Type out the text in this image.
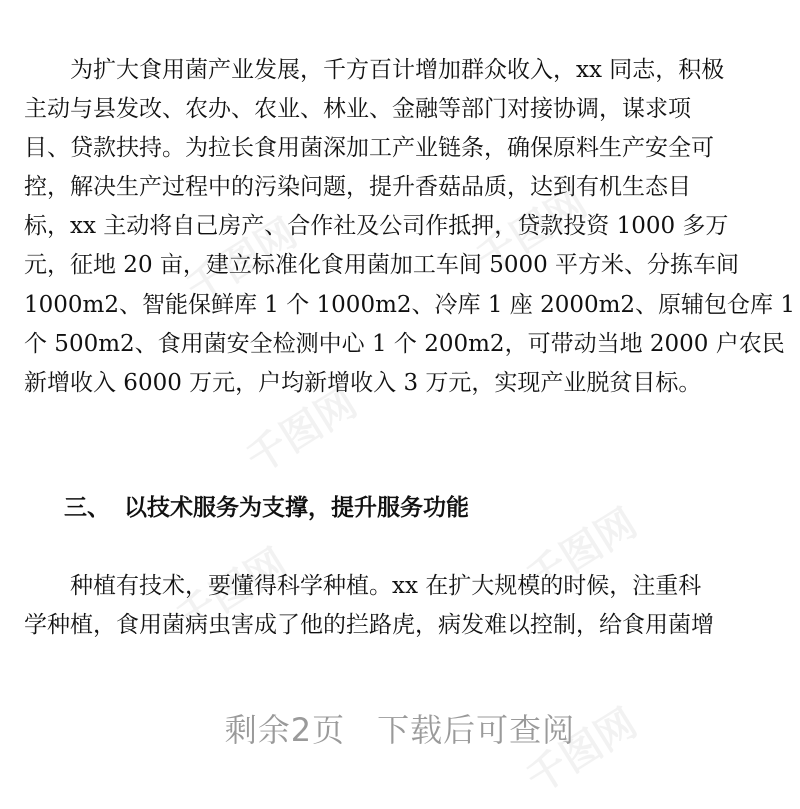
千图网	千图网
千图网
千图网
千图网
千图网

　　为扩大食用菌产业发展，千方百计增加群众收入，xx 同志，积极
主动与县发改、农办、农业、林业、金融等部门对接协调，谋求项
目、贷款扶持。为拉长食用菌深加工产业链条，确保原料生产安全可
控，解决生产过程中的污染问题，提升香菇品质，达到有机生态目
标，xx 主动将自己房产、合作社及公司作抵押，贷款投资 1000 多万
元，征地 20 亩，建立标准化食用菌加工车间 5000 平方米、分拣车间
1000m2、智能保鲜库 1 个 1000m2、冷库 1 座 2000m2、原辅包仓库 1
个 500m2、食用菌安全检测中心 1 个 200m2，可带动当地 2000 户农民
新增收入 6000 万元，户均新增收入 3 万元，实现产业脱贫目标。

三、 以技术服务为支撑，提升服务功能

　　种植有技术，要懂得科学种植。xx 在扩大规模的时候，注重科
学种植，食用菌病虫害成了他的拦路虎，病发难以控制，给食用菌增

剩余2页 下载后可查阅
